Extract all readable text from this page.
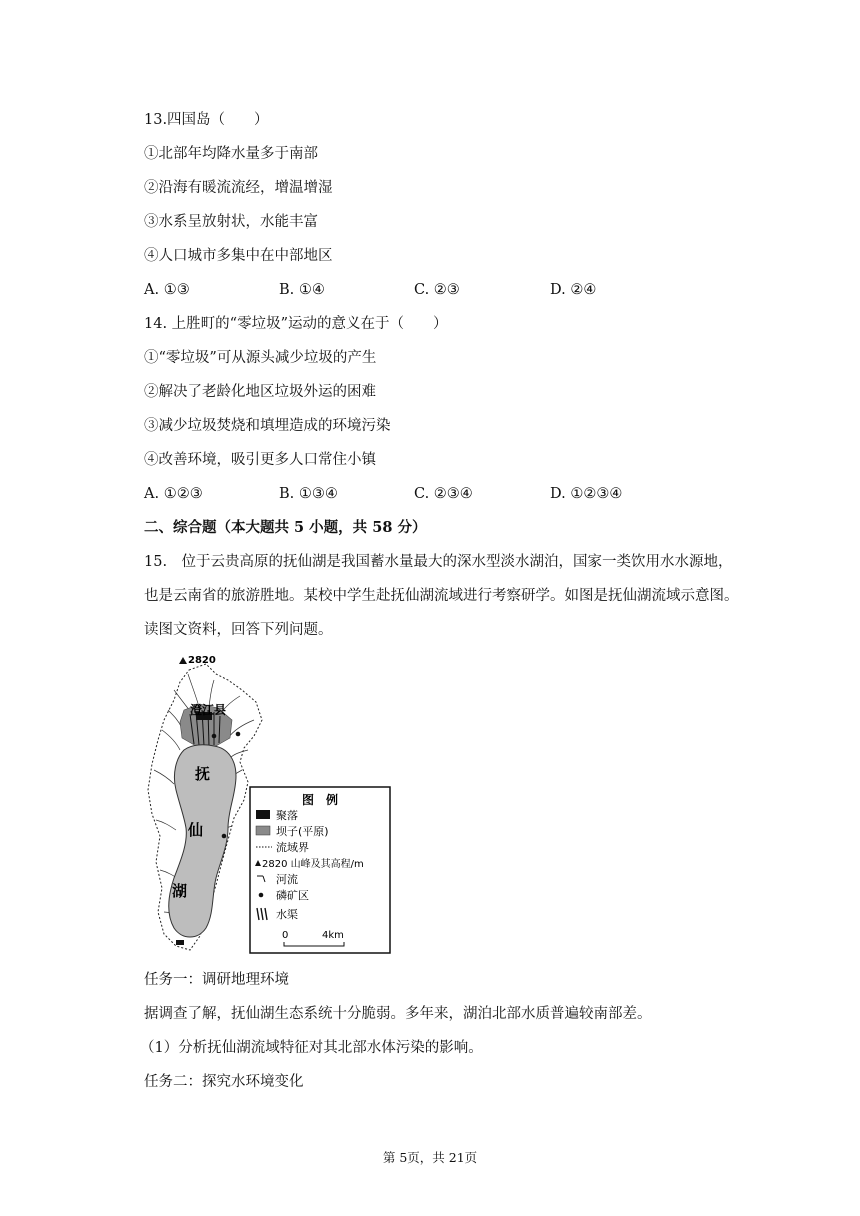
13.四国岛（　　）
①北部年均降水量多于南部
②沿海有暖流流经，增温增湿
③水系呈放射状，水能丰富
④人口城市多集中在中部地区
A. ①③	B. ①④	C. ②③	D. ②④
14. 上胜町的“零垃圾”运动的意义在于（　　）
①“零垃圾”可从源头减少垃圾的产生
②解决了老龄化地区垃圾外运的困难
③减少垃圾焚烧和填埋造成的环境污染
④改善环境，吸引更多人口常住小镇
A. ①②③	B. ①③④	C. ②③④	D. ①②③④
二、综合题（本大题共 5 小题，共 58 分）
15.　位于云贵高原的抚仙湖是我国蓄水量最大的深水型淡水湖泊，国家一类饮用水水源地，
也是云南省的旅游胜地。某校中学生赴抚仙湖流域进行考察研学。如图是抚仙湖流域示意图。
读图文资料，回答下列问题。
2820
澄江县
抚
仙
湖
图　例
聚落
坝子(平原)
流域界
2820 山峰及其高程/m
河流
磷矿区
水渠
0	4km
任务一：调研地理环境
据调查了解，抚仙湖生态系统十分脆弱。多年来，湖泊北部水质普遍较南部差。
（1）分析抚仙湖流域特征对其北部水体污染的影响。
任务二：探究水环境变化
第 5页，共 21页
